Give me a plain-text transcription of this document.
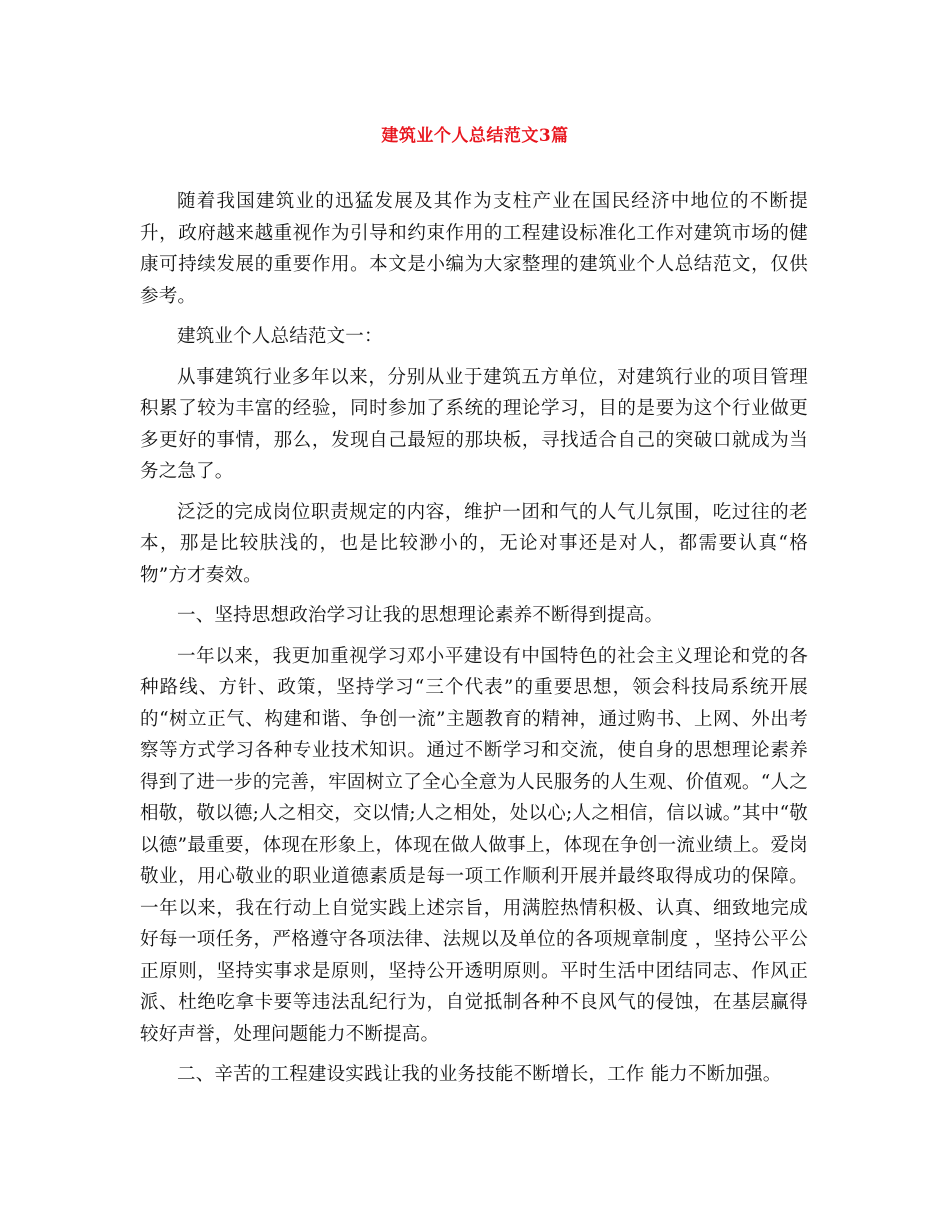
建筑业个人总结范文3篇

随着我国建筑业的迅猛发展及其作为支柱产业在国民经济中地位的不断提升，政府越来越重视作为引导和约束作用的工程建设标准化工作对建筑市场的健康可持续发展的重要作用。本文是小编为大家整理的建筑业个人总结范文，仅供参考。

建筑业个人总结范文一：

从事建筑行业多年以来，分别从业于建筑五方单位，对建筑行业的项目管理积累了较为丰富的经验，同时参加了系统的理论学习，目的是要为这个行业做更多更好的事情，那么，发现自己最短的那块板，寻找适合自己的突破口就成为当务之急了。

泛泛的完成岗位职责规定的内容，维护一团和气的人气儿氛围，吃过往的老本，那是比较肤浅的，也是比较渺小的，无论对事还是对人，都需要认真“格物”方才奏效。

一、坚持思想政治学习让我的思想理论素养不断得到提高。

一年以来，我更加重视学习邓小平建设有中国特色的社会主义理论和党的各种路线、方针、政策，坚持学习“三个代表”的重要思想，领会科技局系统开展的“树立正气、构建和谐、争创一流”主题教育的精神，通过购书、上网、外出考察等方式学习各种专业技术知识。通过不断学习和交流，使自身的思想理论素养得到了进一步的完善，牢固树立了全心全意为人民服务的人生观、价值观。“人之相敬，敬以德;人之相交，交以情;人之相处，处以心;人之相信，信以诚。”其中“敬以德”最重要，体现在形象上，体现在做人做事上，体现在争创一流业绩上。爱岗敬业，用心敬业的职业道德素质是每一项工作顺利开展并最终取得成功的保障。一年以来，我在行动上自觉实践上述宗旨，用满腔热情积极、认真、细致地完成好每一项任务，严格遵守各项法律、法规以及单位的各项规章制度 ，坚持公平公正原则，坚持实事求是原则，坚持公开透明原则。平时生活中团结同志、作风正派、杜绝吃拿卡要等违法乱纪行为，自觉抵制各种不良风气的侵蚀，在基层赢得较好声誉，处理问题能力不断提高。

二、辛苦的工程建设实践让我的业务技能不断增长，工作 能力不断加强。
